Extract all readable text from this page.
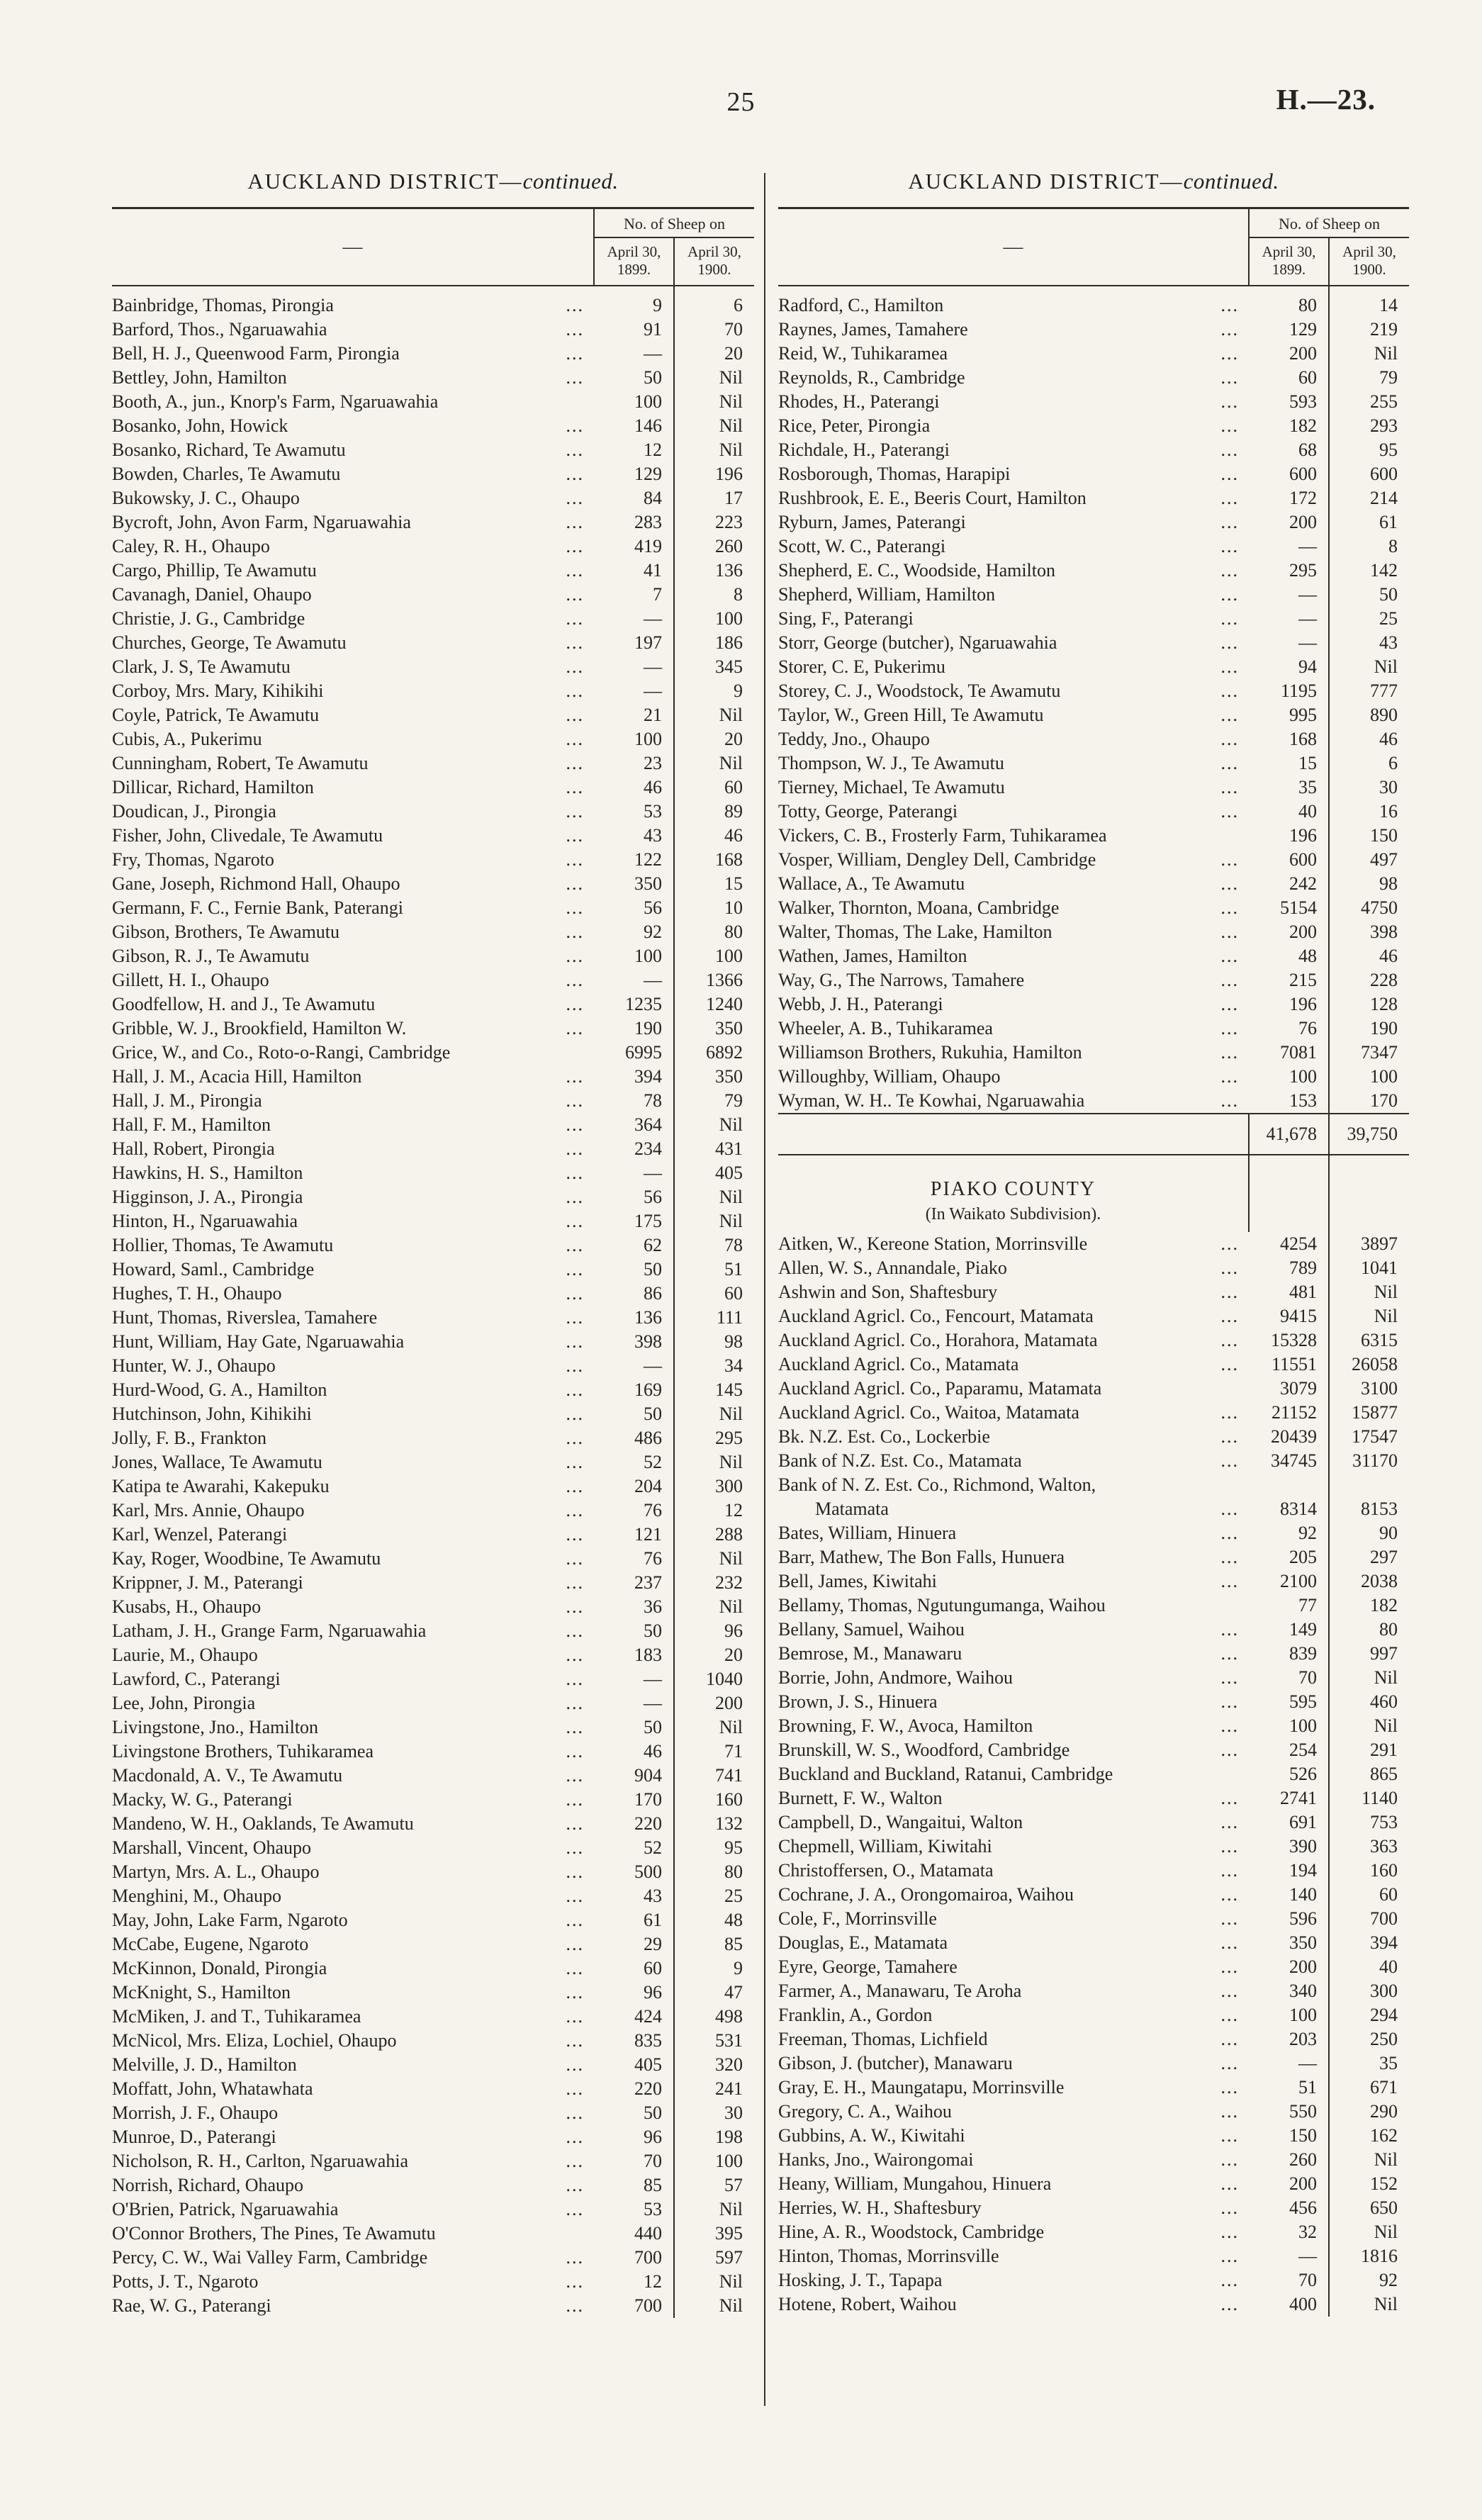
25	H.—23.
AUCKLAND DISTRICT—continued.
—	No. of Sheep on	
	April 30, 1899.	April 30, 1900.

Bainbridge, Thomas, Pirongia ...	9	6

Barford, Thos., Ngaruawahia ...	91	70

Bell, H. J., Queenwood Farm, Pirongia ...	—	20

Bettley, John, Hamilton ...	50	Nil

Booth, A., jun., Knorp's Farm, Ngaruawahia	100	Nil

Bosanko, John, Howick ...	146	Nil

Bosanko, Richard, Te Awamutu ...	12	Nil

Bowden, Charles, Te Awamutu ...	129	196

Bukowsky, J. C., Ohaupo ...	84	17

Bycroft, John, Avon Farm, Ngaruawahia ...	283	223

Caley, R. H., Ohaupo ...	419	260

Cargo, Phillip, Te Awamutu ...	41	136

Cavanagh, Daniel, Ohaupo ...	7	8

Christie, J. G., Cambridge ...	—	100

Churches, George, Te Awamutu ...	197	186

Clark, J. S, Te Awamutu ...	—	345

Corboy, Mrs. Mary, Kihikihi ...	—	9

Coyle, Patrick, Te Awamutu ...	21	Nil

Cubis, A., Pukerimu ...	100	20

Cunningham, Robert, Te Awamutu ...	23	Nil

Dillicar, Richard, Hamilton ...	46	60

Doudican, J., Pirongia ...	53	89

Fisher, John, Clivedale, Te Awamutu ...	43	46

Fry, Thomas, Ngaroto ...	122	168

Gane, Joseph, Richmond Hall, Ohaupo ...	350	15

Germann, F. C., Fernie Bank, Paterangi ...	56	10

Gibson, Brothers, Te Awamutu ...	92	80

Gibson, R. J., Te Awamutu ...	100	100

Gillett, H. I., Ohaupo ...	—	1366

Goodfellow, H. and J., Te Awamutu ...	1235	1240

Gribble, W. J., Brookfield, Hamilton W. ...	190	350

Grice, W., and Co., Roto-o-Rangi, Cambridge	6995	6892

Hall, J. M., Acacia Hill, Hamilton ...	394	350

Hall, J. M., Pirongia ...	78	79

Hall, F. M., Hamilton ...	364	Nil

Hall, Robert, Pirongia ...	234	431

Hawkins, H. S., Hamilton ...	—	405

Higginson, J. A., Pirongia ...	56	Nil

Hinton, H., Ngaruawahia ...	175	Nil

Hollier, Thomas, Te Awamutu ...	62	78

Howard, Saml., Cambridge ...	50	51

Hughes, T. H., Ohaupo ...	86	60

Hunt, Thomas, Riverslea, Tamahere ...	136	111

Hunt, William, Hay Gate, Ngaruawahia ...	398	98

Hunter, W. J., Ohaupo ...	—	34

Hurd-Wood, G. A., Hamilton ...	169	145

Hutchinson, John, Kihikihi ...	50	Nil

Jolly, F. B., Frankton ...	486	295

Jones, Wallace, Te Awamutu ...	52	Nil

Katipa te Awarahi, Kakepuku ...	204	300

Karl, Mrs. Annie, Ohaupo ...	76	12

Karl, Wenzel, Paterangi ...	121	288

Kay, Roger, Woodbine, Te Awamutu ...	76	Nil

Krippner, J. M., Paterangi ...	237	232

Kusabs, H., Ohaupo ...	36	Nil

Latham, J. H., Grange Farm, Ngaruawahia ...	50	96

Laurie, M., Ohaupo ...	183	20

Lawford, C., Paterangi ...	—	1040

Lee, John, Pirongia ...	—	200

Livingstone, Jno., Hamilton ...	50	Nil

Livingstone Brothers, Tuhikaramea ...	46	71

Macdonald, A. V., Te Awamutu ...	904	741

Macky, W. G., Paterangi ...	170	160

Mandeno, W. H., Oaklands, Te Awamutu ...	220	132

Marshall, Vincent, Ohaupo ...	52	95

Martyn, Mrs. A. L., Ohaupo ...	500	80

Menghini, M., Ohaupo ...	43	25

May, John, Lake Farm, Ngaroto ...	61	48

McCabe, Eugene, Ngaroto ...	29	85

McKinnon, Donald, Pirongia ...	60	9

McKnight, S., Hamilton ...	96	47

McMiken, J. and T., Tuhikaramea ...	424	498

McNicol, Mrs. Eliza, Lochiel, Ohaupo ...	835	531

Melville, J. D., Hamilton ...	405	320

Moffatt, John, Whatawhata ...	220	241

Morrish, J. F., Ohaupo ...	50	30

Munroe, D., Paterangi ...	96	198

Nicholson, R. H., Carlton, Ngaruawahia ...	70	100

Norrish, Richard, Ohaupo ...	85	57

O'Brien, Patrick, Ngaruawahia ...	53	Nil

O'Connor Brothers, The Pines, Te Awamutu	440	395

Percy, C. W., Wai Valley Farm, Cambridge ...	700	597

Potts, J. T., Ngaroto ...	12	Nil

Rae, W. G., Paterangi ...	700	Nil
AUCKLAND DISTRICT—continued.
—	No. of Sheep on	
	April 30, 1899.	April 30, 1900.

Radford, C., Hamilton ...	80	14

Raynes, James, Tamahere ...	129	219

Reid, W., Tuhikaramea ...	200	Nil

Reynolds, R., Cambridge ...	60	79

Rhodes, H., Paterangi ...	593	255

Rice, Peter, Pirongia ...	182	293

Richdale, H., Paterangi ...	68	95

Rosborough, Thomas, Harapipi ...	600	600

Rushbrook, E. E., Beeris Court, Hamilton ...	172	214

Ryburn, James, Paterangi ...	200	61

Scott, W. C., Paterangi ...	—	8

Shepherd, E. C., Woodside, Hamilton ...	295	142

Shepherd, William, Hamilton ...	—	50

Sing, F., Paterangi ...	—	25

Storr, George (butcher), Ngaruawahia ...	—	43

Storer, C. E, Pukerimu ...	94	Nil

Storey, C. J., Woodstock, Te Awamutu ...	1195	777

Taylor, W., Green Hill, Te Awamutu ...	995	890

Teddy, Jno., Ohaupo ...	168	46

Thompson, W. J., Te Awamutu ...	15	6

Tierney, Michael, Te Awamutu ...	35	30

Totty, George, Paterangi ...	40	16

Vickers, C. B., Frosterly Farm, Tuhikaramea	196	150

Vosper, William, Dengley Dell, Cambridge ...	600	497

Wallace, A., Te Awamutu ...	242	98

Walker, Thornton, Moana, Cambridge ...	5154	4750

Walter, Thomas, The Lake, Hamilton ...	200	398

Wathen, James, Hamilton ...	48	46

Way, G., The Narrows, Tamahere ...	215	228

Webb, J. H., Paterangi ...	196	128

Wheeler, A. B., Tuhikaramea ...	76	190

Williamson Brothers, Rukuhia, Hamilton ...	7081	7347

Willoughby, William, Ohaupo ...	100	100

Wyman, W. H.. Te Kowhai, Ngaruawahia ...	153	170
	41,678	39,750
PIAKO COUNTY		
(In Waikato Subdivision).		

Aitken, W., Kereone Station, Morrinsville ...	4254	3897

Allen, W. S., Annandale, Piako ...	789	1041

Ashwin and Son, Shaftesbury ...	481	Nil

Auckland Agricl. Co., Fencourt, Matamata ...	9415	Nil

Auckland Agricl. Co., Horahora, Matamata ...	15328	6315

Auckland Agricl. Co., Matamata ...	11551	26058

Auckland Agricl. Co., Paparamu, Matamata	3079	3100

Auckland Agricl. Co., Waitoa, Matamata ...	21152	15877

Bk. N.Z. Est. Co., Lockerbie ...	20439	17547

Bank of N.Z. Est. Co., Matamata ...	34745	31170

Bank of N. Z. Est. Co., Richmond, Walton,		

  Matamata ...	8314	8153

Bates, William, Hinuera ...	92	90

Barr, Mathew, The Bon Falls, Hunuera ...	205	297

Bell, James, Kiwitahi ...	2100	2038

Bellamy, Thomas, Ngutungumanga, Waihou	77	182

Bellany, Samuel, Waihou ...	149	80

Bemrose, M., Manawaru ...	839	997

Borrie, John, Andmore, Waihou ...	70	Nil

Brown, J. S., Hinuera ...	595	460

Browning, F. W., Avoca, Hamilton ...	100	Nil

Brunskill, W. S., Woodford, Cambridge ...	254	291

Buckland and Buckland, Ratanui, Cambridge	526	865

Burnett, F. W., Walton ...	2741	1140

Campbell, D., Wangaitui, Walton ...	691	753

Chepmell, William, Kiwitahi ...	390	363

Christoffersen, O., Matamata ...	194	160

Cochrane, J. A., Orongomairoa, Waihou ...	140	60

Cole, F., Morrinsville ...	596	700

Douglas, E., Matamata ...	350	394

Eyre, George, Tamahere ...	200	40

Farmer, A., Manawaru, Te Aroha ...	340	300

Franklin, A., Gordon ...	100	294

Freeman, Thomas, Lichfield ...	203	250

Gibson, J. (butcher), Manawaru ...	—	35

Gray, E. H., Maungatapu, Morrinsville ...	51	671

Gregory, C. A., Waihou ...	550	290

Gubbins, A. W., Kiwitahi ...	150	162

Hanks, Jno., Wairongomai ...	260	Nil

Heany, William, Mungahou, Hinuera ...	200	152

Herries, W. H., Shaftesbury ...	456	650

Hine, A. R., Woodstock, Cambridge ...	32	Nil

Hinton, Thomas, Morrinsville ...	—	1816

Hosking, J. T., Tapapa ...	70	92

Hotene, Robert, Waihou ...	400	Nil
